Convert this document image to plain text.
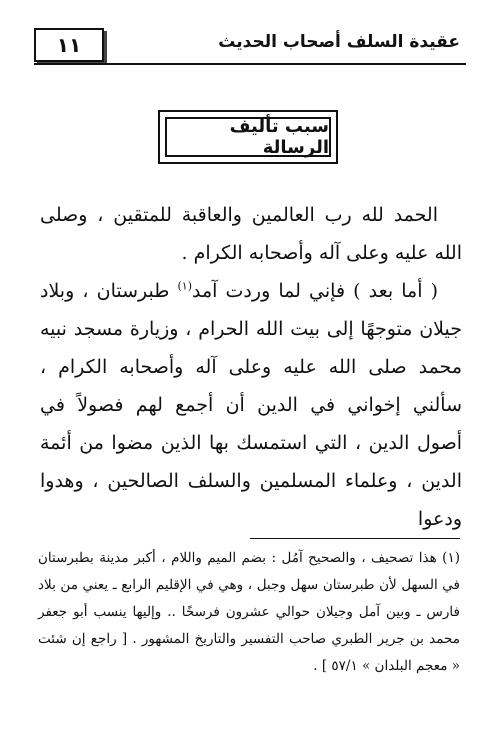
عقيدة السلف أصحاب الحديث
١١
سبب تأليف الرسالة

الحمد لله رب العالمين والعاقبة للمتقين ، وصلى الله عليه وعلى آله وأصحابه الكرام .

( أما بعد ) فإني لما وردت آمد$^{(١)}$ طبرستان ، وبلاد جيلان متوجهًا إلى بيت الله الحرام ، وزيارة مسجد نبيه محمد صلى الله عليه وعلى آله وأصحابه الكرام ، سألني إخواني في الدين أن أجمع لهم فصولاً في أصول الدين ، التي استمسك بها الذين مضوا من أئمة الدين ، وعلماء المسلمين والسلف الصالحين ، وهدوا ودعوا

(١) هذا تصحيف ، والصحيح آمُل : بضم الميم واللام ، أكبر مدينة بطبرستان في السهل لأن طبرستان سهل وجبل ، وهي في الإقليم الرابع ـ يعني من بلاد فارس ـ وبين آمل وجيلان حوالي عشرون فرسخًا .. وإليها ينسب أبو جعفر محمد بن جرير الطبري صاحب التفسير والتاريخ المشهور . [ راجع إن شئت « معجم البلدان » ٥٧/١ ] .
